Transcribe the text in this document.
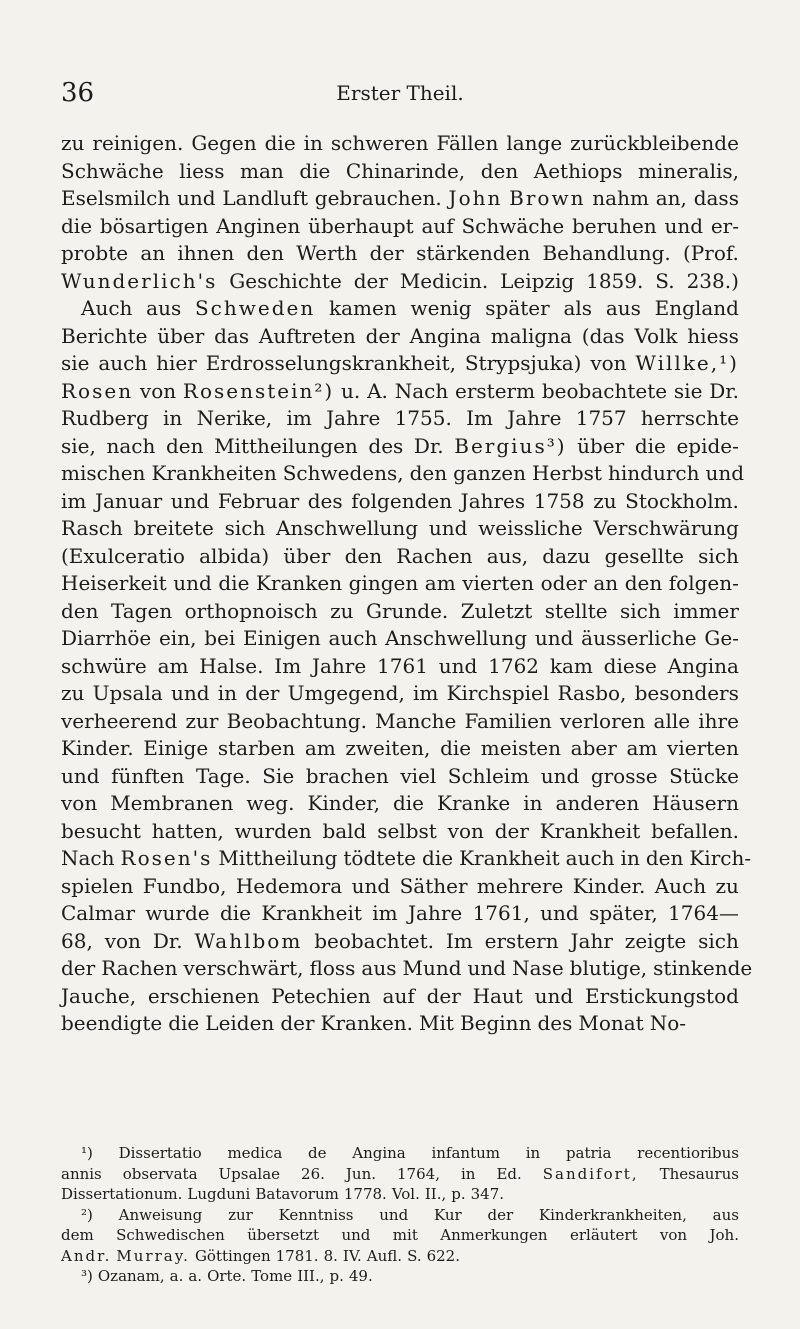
36	Erster Theil.
zu reinigen. Gegen die in schweren Fällen lange zurückbleibende
Schwäche liess man die Chinarinde, den Aethiops mineralis,
Eselsmilch und Landluft gebrauchen. John Brown nahm an, dass
die bösartigen Anginen überhaupt auf Schwäche beruhen und er-
probte an ihnen den Werth der stärkenden Behandlung. (Prof.
Wunderlich's Geschichte der Medicin. Leipzig 1859. S. 238.)
Auch aus Schweden kamen wenig später als aus England
Berichte über das Auftreten der Angina maligna (das Volk hiess
sie auch hier Erdrosselungskrankheit, Strypsjuka) von Willke,¹)
Rosen von Rosenstein²) u. A. Nach ersterm beobachtete sie Dr.
Rudberg in Nerike, im Jahre 1755. Im Jahre 1757 herrschte
sie, nach den Mittheilungen des Dr. Bergius³) über die epide-
mischen Krankheiten Schwedens, den ganzen Herbst hindurch und
im Januar und Februar des folgenden Jahres 1758 zu Stockholm.
Rasch breitete sich Anschwellung und weissliche Verschwärung
(Exulceratio albida) über den Rachen aus, dazu gesellte sich
Heiserkeit und die Kranken gingen am vierten oder an den folgen-
den Tagen orthopnoisch zu Grunde. Zuletzt stellte sich immer
Diarrhöe ein, bei Einigen auch Anschwellung und äusserliche Ge-
schwüre am Halse. Im Jahre 1761 und 1762 kam diese Angina
zu Upsala und in der Umgegend, im Kirchspiel Rasbo, besonders
verheerend zur Beobachtung. Manche Familien verloren alle ihre
Kinder. Einige starben am zweiten, die meisten aber am vierten
und fünften Tage. Sie brachen viel Schleim und grosse Stücke
von Membranen weg. Kinder, die Kranke in anderen Häusern
besucht hatten, wurden bald selbst von der Krankheit befallen.
Nach Rosen's Mittheilung tödtete die Krankheit auch in den Kirch-
spielen Fundbo, Hedemora und Säther mehrere Kinder. Auch zu
Calmar wurde die Krankheit im Jahre 1761, und später, 1764—
68, von Dr. Wahlbom beobachtet. Im erstern Jahr zeigte sich
der Rachen verschwärt, floss aus Mund und Nase blutige, stinkende
Jauche, erschienen Petechien auf der Haut und Erstickungstod
beendigte die Leiden der Kranken. Mit Beginn des Monat No-
¹) Dissertatio medica de Angina infantum in patria recentioribus
annis observata Upsalae 26. Jun. 1764, in Ed. Sandifort, Thesaurus
Dissertationum. Lugduni Batavorum 1778. Vol. II., p. 347.
²) Anweisung zur Kenntniss und Kur der Kinderkrankheiten, aus
dem Schwedischen übersetzt und mit Anmerkungen erläutert von Joh.
Andr. Murray. Göttingen 1781. 8. IV. Aufl. S. 622.
³) Ozanam, a. a. Orte. Tome III., p. 49.
